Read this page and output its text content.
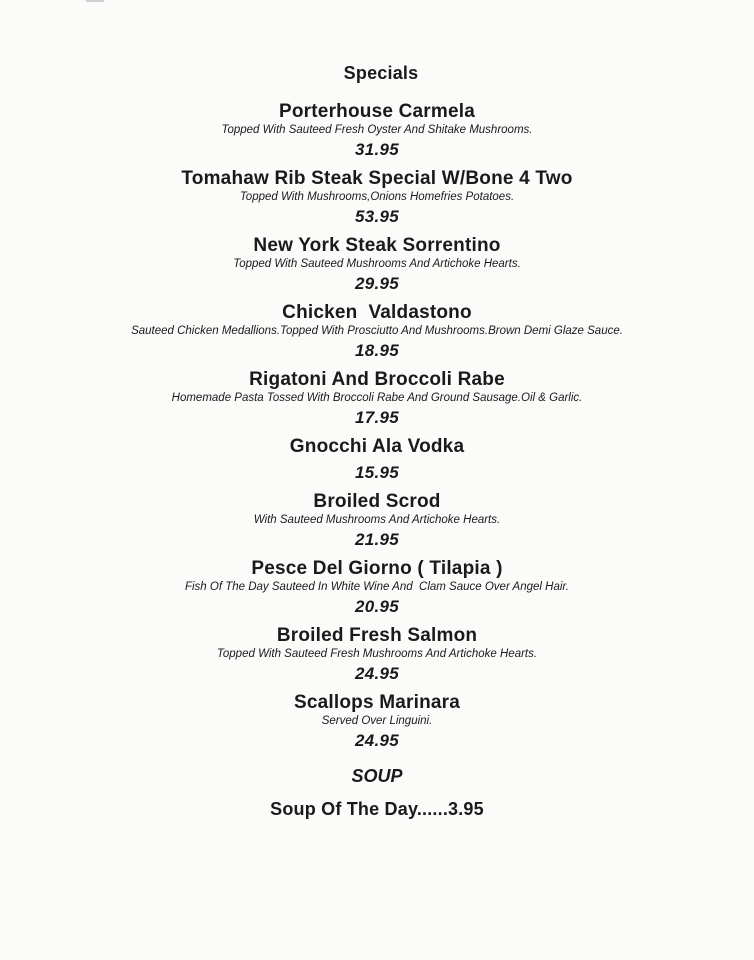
Specials
Porterhouse Carmela
Topped With Sauteed Fresh Oyster And Shitake Mushrooms.
31.95
Tomahaw Rib Steak Special W/Bone 4 Two
Topped With Mushrooms,Onions Homefries Potatoes.
53.95
New York Steak Sorrentino
Topped With Sauteed Mushrooms And Artichoke Hearts.
29.95
Chicken  Valdastono
Sauteed Chicken Medallions.Topped With Prosciutto And Mushrooms.Brown Demi Glaze Sauce.
18.95
Rigatoni And Broccoli Rabe
Homemade Pasta Tossed With Broccoli Rabe And Ground Sausage.Oil & Garlic.
17.95
Gnocchi Ala Vodka
15.95
Broiled Scrod
With Sauteed Mushrooms And Artichoke Hearts.
21.95
Pesce Del Giorno ( Tilapia )
Fish Of The Day Sauteed In White Wine And  Clam Sauce Over Angel Hair.
20.95
Broiled Fresh Salmon
Topped With Sauteed Fresh Mushrooms And Artichoke Hearts.
24.95
Scallops Marinara
Served Over Linguini.
24.95
SOUP
Soup Of The Day......3.95
